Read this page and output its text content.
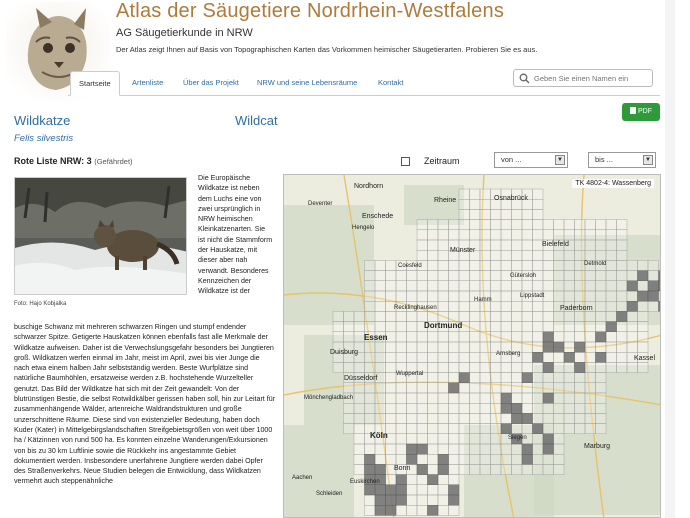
Atlas der Säugetiere Nordrhein-Westfalens
AG Säugetierkunde in NRW
Der Atlas zeigt Ihnen auf Basis von Topographischen Karten das Vorkommen heimischer Säugetierarten. Probieren Sie es aus.
Startseite	Artenliste	Über das Projekt	NRW und seine Lebensräume	Kontakt
Geben Sie einen Namen ein
PDF
Wildkatze	Wildcat
Felis silvestris
Rote Liste NRW: 3 (Gefährdet)	Zeitraum	von ...	▼	bis ...	▼
Foto: Hajo Kobjalka
Die Europäische Wildkatze ist neben dem Luchs eine von zwei ursprünglich in NRW heimischen Kleinkatzenarten. Sie ist nicht die Stammform der Hauskatze, mit dieser aber nah verwandt. Besonderes Kennzeichen der Wildkatze ist der
buschige Schwanz mit mehreren schwarzen Ringen und stumpf endender schwarzer Spitze. Getigerte Hauskatzen können ebenfalls fast alle Merkmale der Wildkatze aufweisen. Daher ist die Verwechslungsgefahr besonders bei Jungtieren groß. Wildkatzen werfen einmal im Jahr, meist im April, zwei bis vier Junge die nach etwa einem halben Jahr selbstständig werden. Beste Wurfplätze sind natürliche Baumhöhlen, ersatzweise werden z.B. hochstehende Wurzelteller genutzt. Das Bild der Wildkatze hat sich mit der Zeit gewandelt: Von der blutrünstigen Bestie, die selbst Rotwildkälber gerissen haben soll, hin zur Leitart für zusammenhängende Wälder, artenreiche Waldrandstrukturen und große unzerschnittene Räume. Diese sind von existenzieller Bedeutung, haben doch Kuder (Kater) in Mittelgebirgslandschaften Streifgebietsgrößen von weit über 1000 ha / Kätzinnen von rund 500 ha. Es konnten einzelne Wanderungen/Exkursionen von bis zu 30 km Luftlinie sowie die Rückkehr ins angestammte Gebiet dokumentiert werden. Insbesondere unerfahrene Jungtiere werden dabei Opfer des Straßenverkehrs. Neue Studien belegen die Entwicklung, dass Wildkatzen vermehrt auch steppenähnliche
TK 4802-4: Wassenberg
Nordhorn
Rheine	Osnabrück
Enschede
Deventer
Hengelo
Bielefeld
Münster
Coesfeld
Gütersloh
Paderborn
Hamm
Recklinghausen
Dortmund
Essen
Duisburg
Düsseldorf
Wuppertal
Mönchengladbach
Köln
Bonn
Siegen
Marburg
Kassel
Aachen
Arnsberg
Lippstadt
Detmold
Euskirchen
Schleiden
